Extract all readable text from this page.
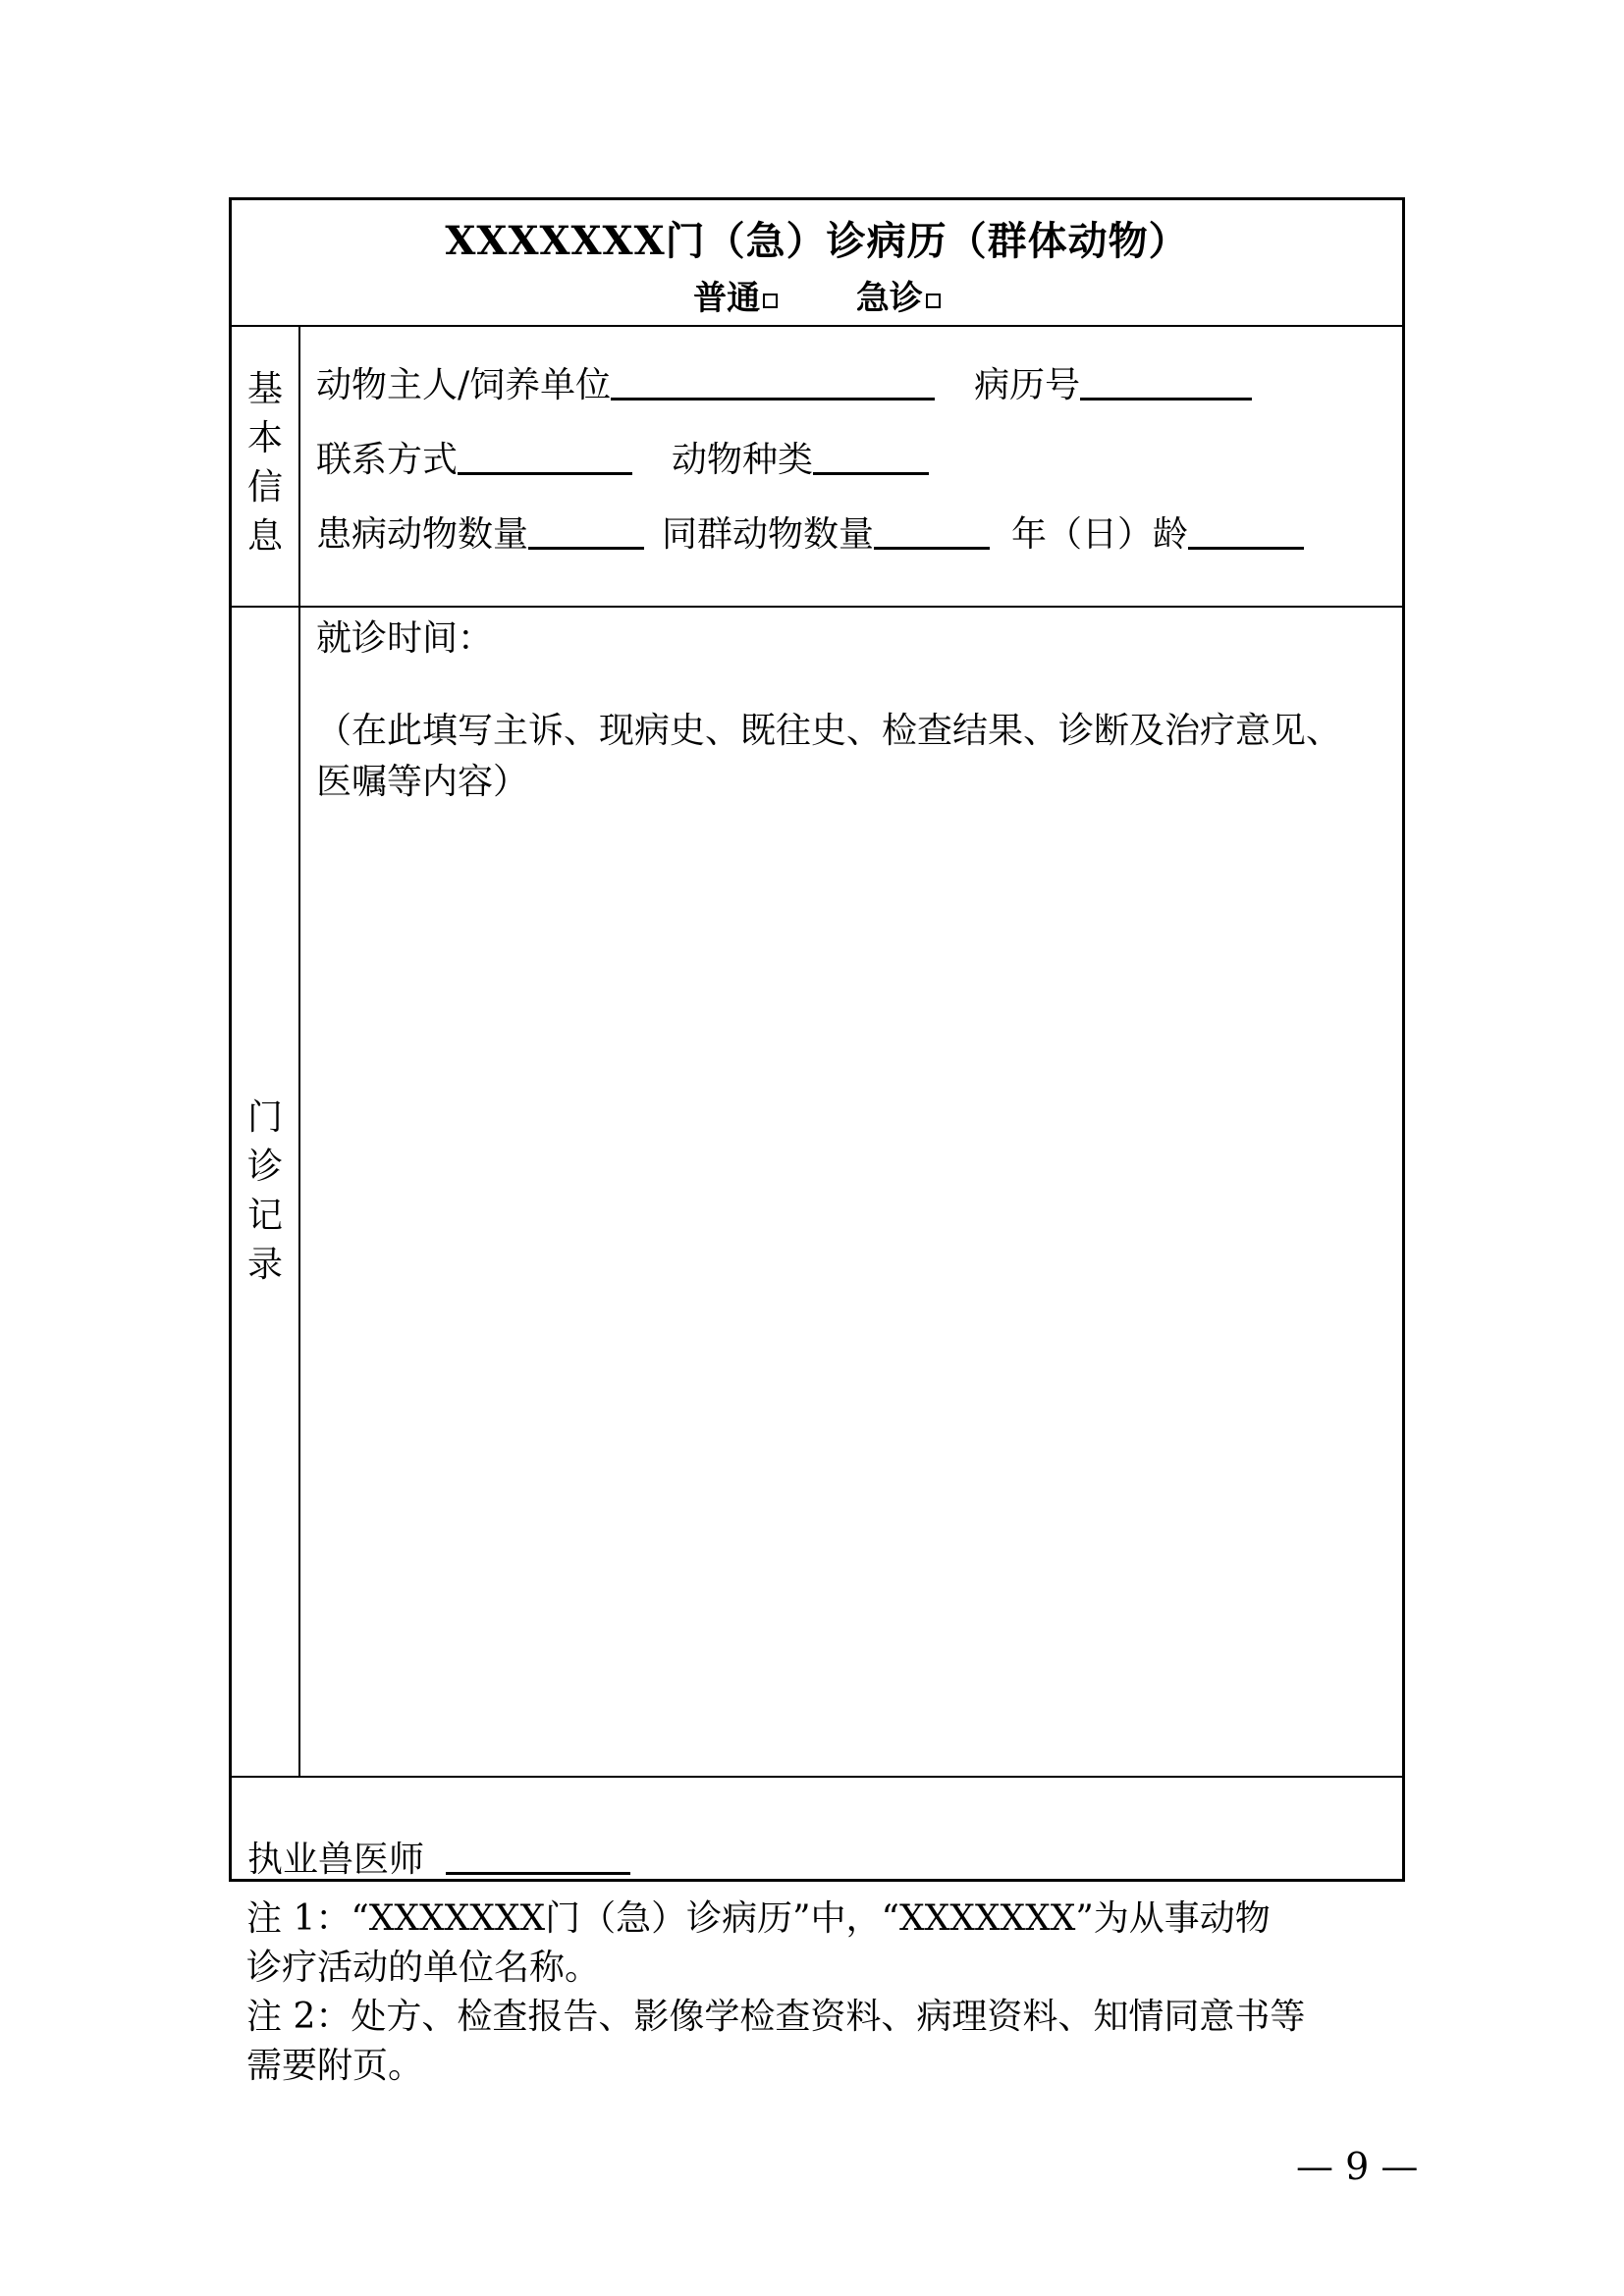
XXXXXXX门（急）诊病历（群体动物）
普通	急诊
基
本
信
息
动物主人/饲养单位	病历号
联系方式	动物种类
患病动物数量	同群动物数量	年（日）龄
门
诊
记
录
就诊时间：
（在此填写主诉、现病史、既往史、检查结果、诊断及治疗意见、
医嘱等内容）
执业兽医师
注 1：“XXXXXXX门（急）诊病历”中，“XXXXXXX”为从事动物
诊疗活动的单位名称。
注 2：处方、检查报告、影像学检查资料、病理资料、知情同意书等
需要附页。
— 9 —
